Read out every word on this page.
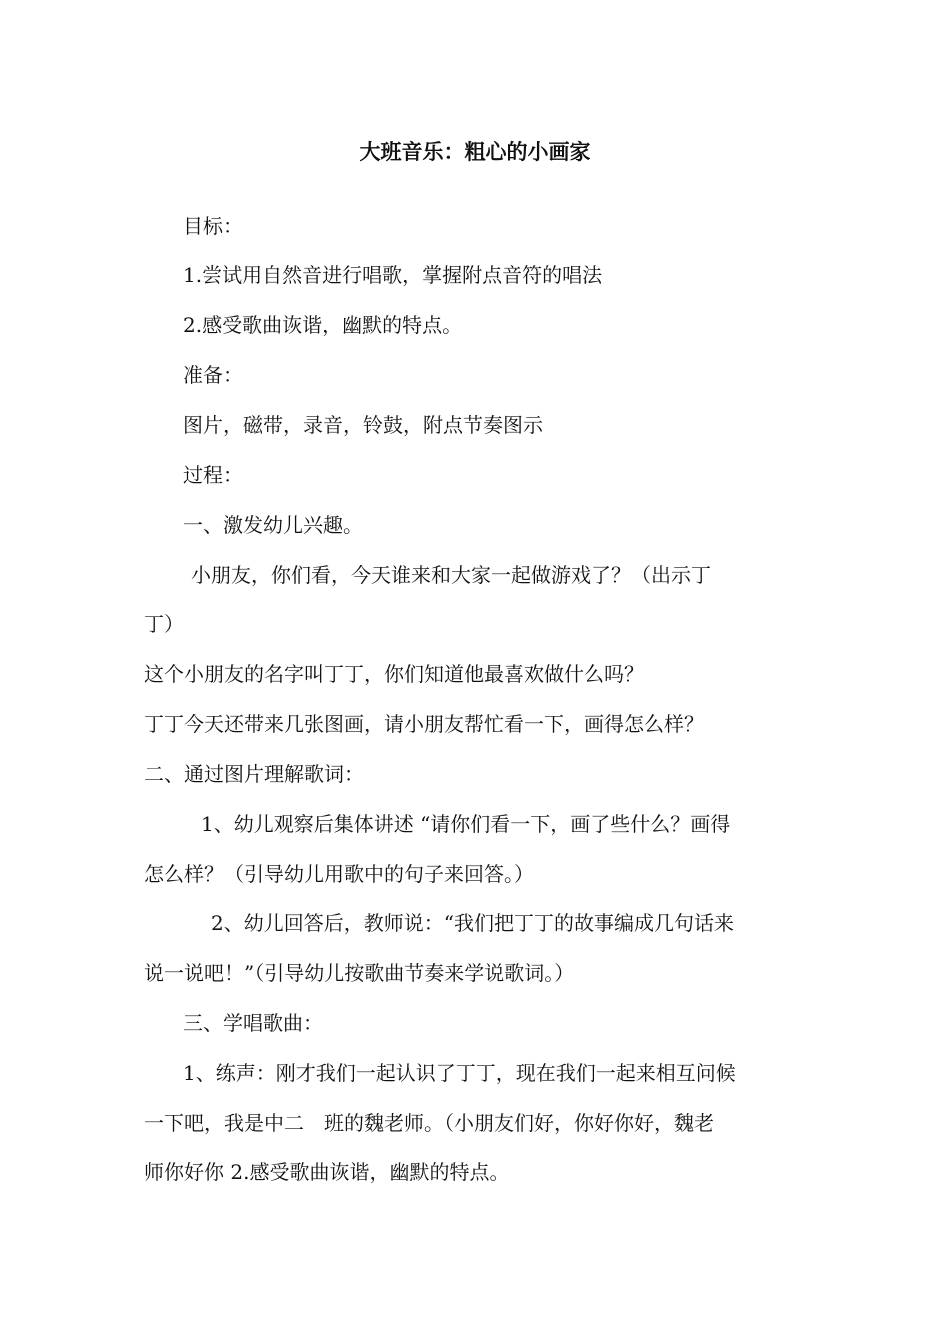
大班音乐：粗心的小画家
目标：
1.尝试用自然音进行唱歌，掌握附点音符的唱法
2.感受歌曲诙谐，幽默的特点。
准备：
图片，磁带，录音，铃鼓，附点节奏图示
过程：
一、激发幼儿兴趣。
小朋友，你们看，今天谁来和大家一起做游戏了？（出示丁
丁）
这个小朋友的名字叫丁丁，你们知道他最喜欢做什么吗？
丁丁今天还带来几张图画，请小朋友帮忙看一下，画得怎么样？
二、通过图片理解歌词：
1、幼儿观察后集体讲述 “请你们看一下，画了些什么？画得
怎么样？（引导幼儿用歌中的句子来回答。）
2、幼儿回答后，教师说：“我们把丁丁的故事编成几句话来
说一说吧！”（引导幼儿按歌曲节奏来学说歌词。）
三、学唱歌曲：
1、练声：刚才我们一起认识了丁丁，现在我们一起来相互问候
一下吧，我是中二　班的魏老师。（小朋友们好，你好你好，魏老
师你好你 2.感受歌曲诙谐，幽默的特点。
